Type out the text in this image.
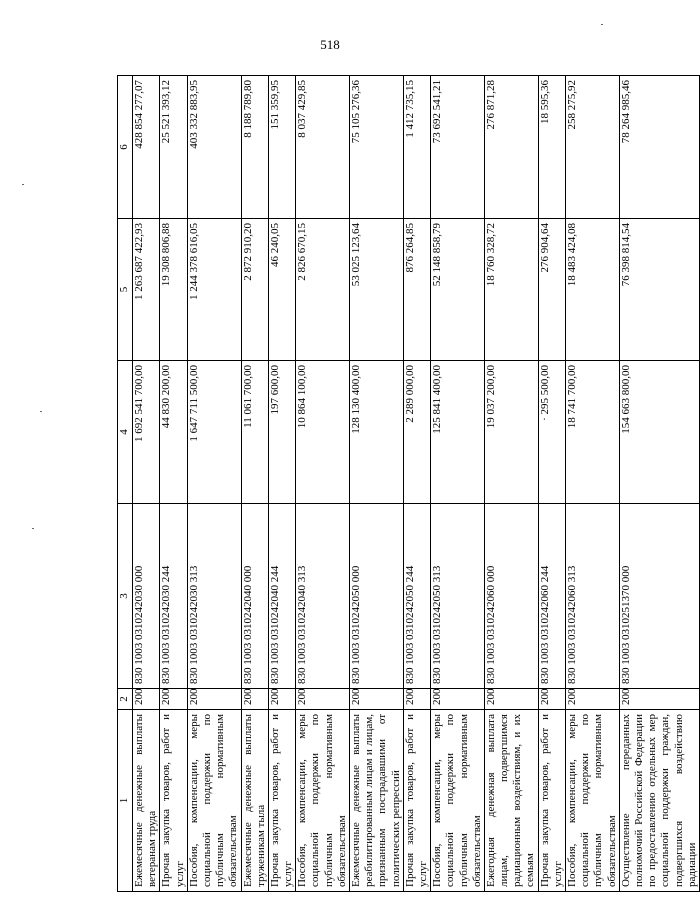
518
1	2	3	4	5	6
Ежемесячные денежные выплаты ветеранам труда	200	830 1003 0310242030 000	1 692 541 700,00	1 263 687 422,93	428 854 277,07
Прочая закупка товаров, работ и услуг	200	830 1003 0310242030 244	44 830 200,00	19 308 806,88	25 521 393,12
Пособия, компенсации, меры социальной поддержки по публичным нормативным обязательствам	200	830 1003 0310242030 313	1 647 711 500,00	1 244 378 616,05	403 332 883,95
Ежемесячные денежные выплаты труженикам тыла	200	830 1003 0310242040 000	11 061 700,00	2 872 910,20	8 188 789,80
Прочая закупка товаров, работ и услуг	200	830 1003 0310242040 244	197 600,00	46 240,05	151 359,95
Пособия, компенсации, меры социальной поддержки по публичным нормативным обязательствам	200	830 1003 0310242040 313	10 864 100,00	2 826 670,15	8 037 429,85
Ежемесячные денежные выплаты реабилитированным лицам и лицам, признанным пострадавшими от политических репрессий	200	830 1003 0310242050 000	128 130 400,00	53 025 123,64	75 105 276,36
Прочая закупка товаров, работ и услуг	200	830 1003 0310242050 244	2 289 000,00	876 264,85	1 412 735,15
Пособия, компенсации, меры социальной поддержки по публичным нормативным обязательствам	200	830 1003 0310242050 313	125 841 400,00	52 148 858,79	73 692 541,21
Ежегодная денежная выплата лицам, подвергшимся радиационным воздействиям, и их семьям	200	830 1003 0310242060 000	19 037 200,00	18 760 328,72	276 871,28
Прочая закупка товаров, работ и услуг	200	830 1003 0310242060 244	· 295 500,00	276 904,64	18 595,36
Пособия, компенсации, меры социальной поддержки по публичным нормативным обязательствам	200	830 1003 0310242060 313	18 741 700,00	18 483 424,08	258 275,92
Осуществление переданных полномочий Российской Федерации по предоставлению отдельных мер социальной поддержки граждан, подвергшихся воздействию радиации	200	830 1003 0310251370 000	154 663 800,00	76 398 814,54	78 264 985,46
